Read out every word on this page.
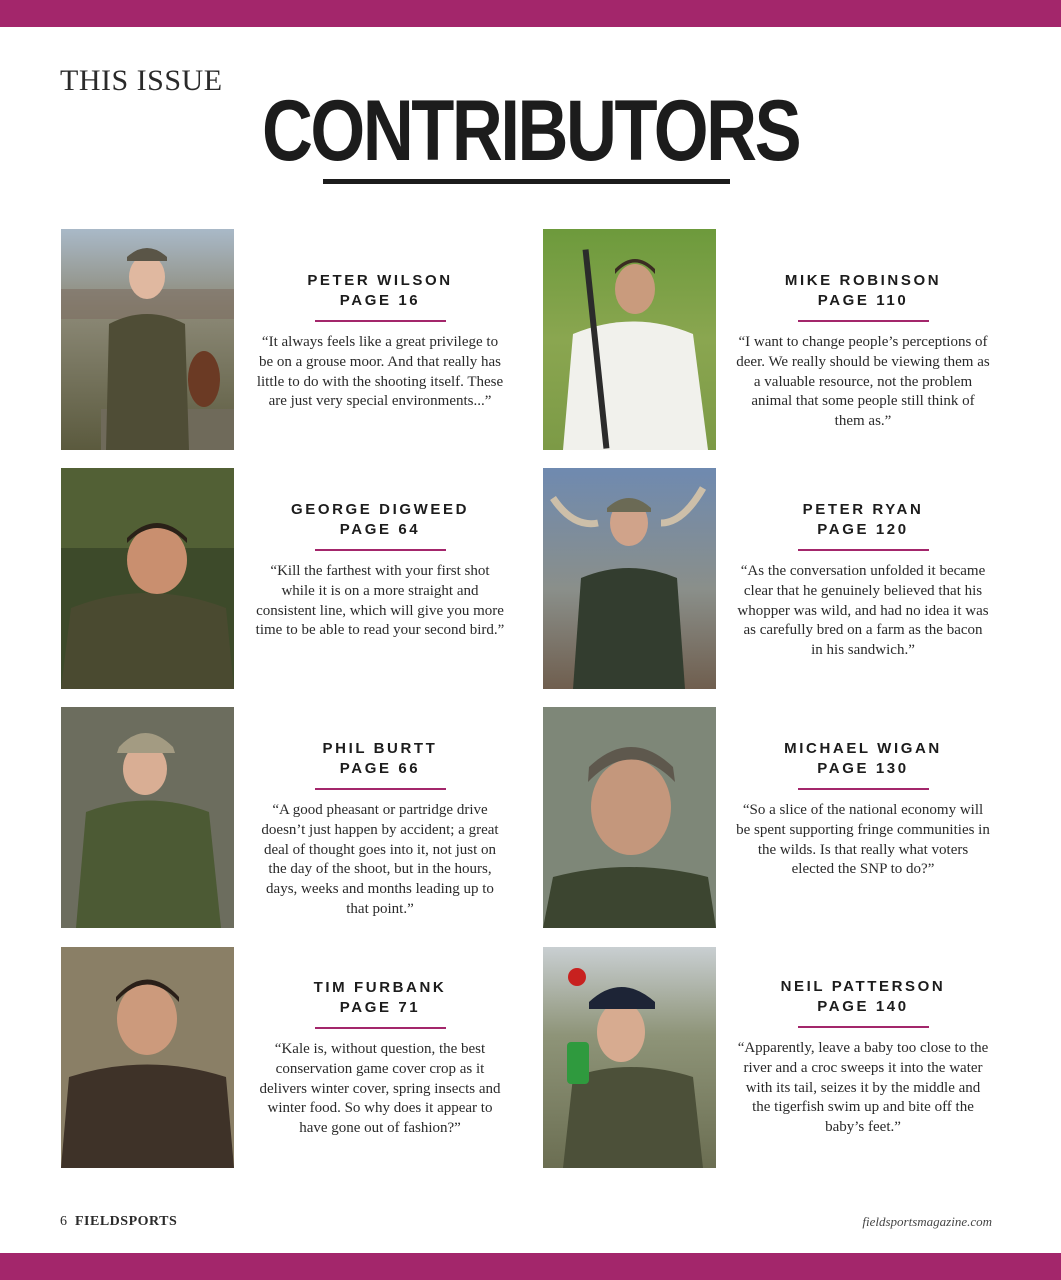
THIS ISSUE
CONTRIBUTORS
PETER WILSON
PAGE 16
“It always feels like a great privilege to be on a grouse moor. And that really has little to do with the shooting itself. These are just very special environments...”
MIKE ROBINSON
PAGE 110
“I want to change people’s perceptions of deer. We really should be viewing them as a valuable resource, not the problem animal that some people still think of them as.”
GEORGE DIGWEED
PAGE 64
“Kill the farthest with your first shot while it is on a more straight and consistent line, which will give you more time to be able to read your second bird.”
PETER RYAN
PAGE 120
“As the conversation unfolded it became clear that he genuinely believed that his whopper was wild, and had no idea it was as carefully bred on a farm as the bacon in his sandwich.”
PHIL BURTT
PAGE 66
“A good pheasant or partridge drive doesn’t just happen by accident; a great deal of thought goes into it, not just on the day of the shoot, but in the hours, days, weeks and months leading up to that point.”
MICHAEL WIGAN
PAGE 130
“So a slice of the national economy will be spent supporting fringe communities in the wilds. Is that really what voters elected the SNP to do?”
TIM FURBANK
PAGE 71
“Kale is, without question, the best conservation game cover crop as it delivers winter cover, spring insects and winter food. So why does it appear to have gone out of fashion?”
NEIL PATTERSON
PAGE 140
“Apparently, leave a baby too close to the river and a croc sweeps it into the water with its tail, seizes it by the middle and the tigerfish swim up and bite off the baby’s feet.”
6 FIELDSPORTS	fieldsportsmagazine.com
